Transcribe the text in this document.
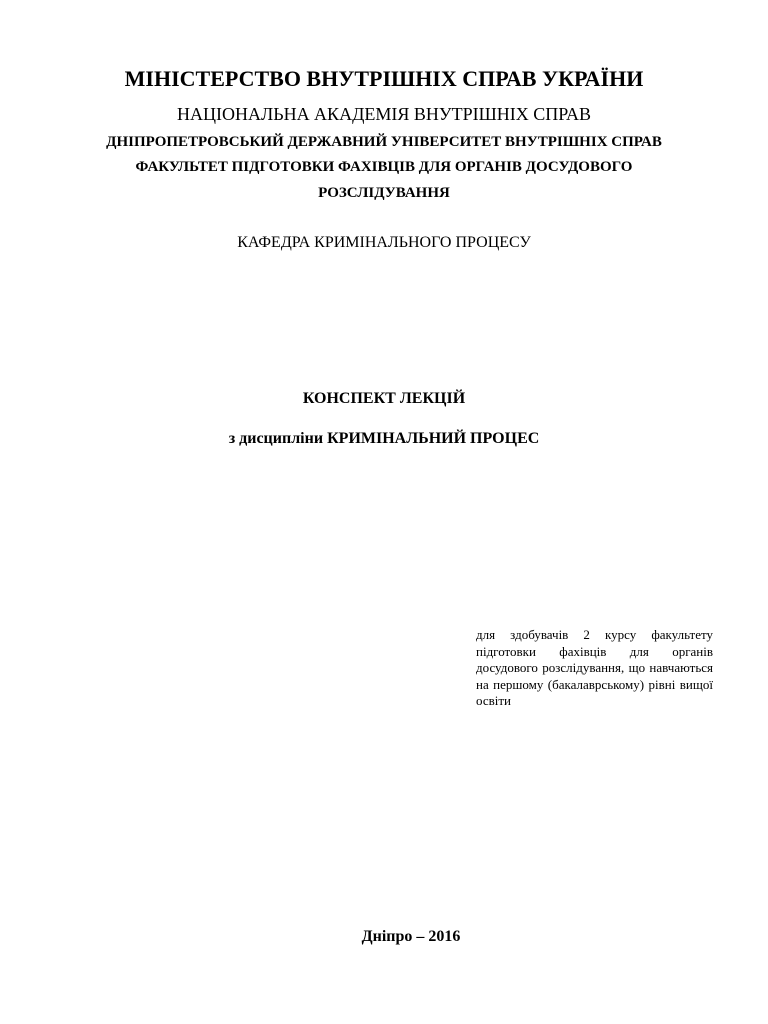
МІНІСТЕРСТВО ВНУТРІШНІХ СПРАВ УКРАЇНИ
НАЦІОНАЛЬНА АКАДЕМІЯ ВНУТРІШНІХ СПРАВ
ДНІПРОПЕТРОВСЬКИЙ ДЕРЖАВНИЙ УНІВЕРСИТЕТ ВНУТРІШНІХ СПРАВ
ФАКУЛЬТЕТ ПІДГОТОВКИ ФАХІВЦІВ ДЛЯ ОРГАНІВ ДОСУДОВОГО
РОЗСЛІДУВАННЯ
КАФЕДРА КРИМІНАЛЬНОГО ПРОЦЕСУ
КОНСПЕКТ ЛЕКЦІЙ
з дисципліни КРИМІНАЛЬНИЙ ПРОЦЕС
для здобувачів 2 курсу факультету підготовки фахівців для органів досудового розслідування, що навчаються на першому (бакалаврському) рівні вищої освіти
Дніпро – 2016
